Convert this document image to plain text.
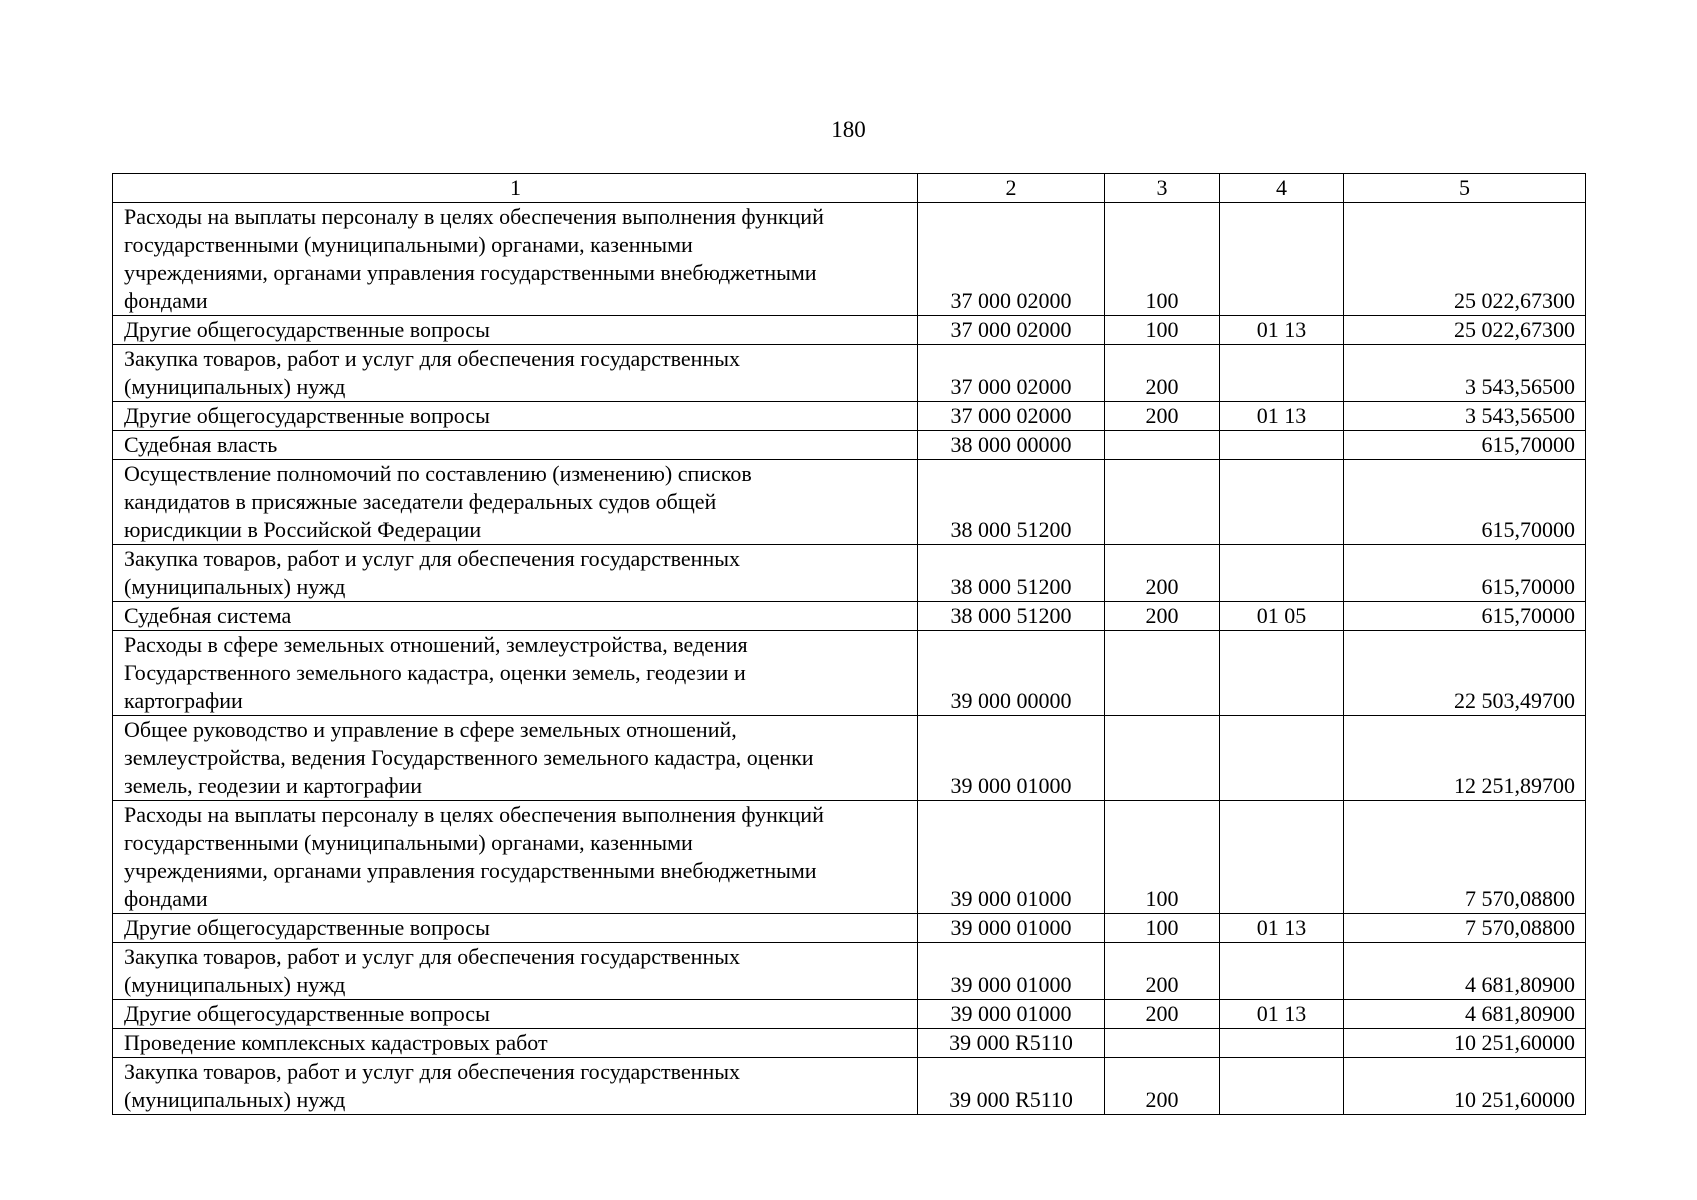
180
1	2	3	4	5

Расходы на выплаты персоналу в целях обеспечения выполнения функций
государственными (муниципальными) органами, казенными
учреждениями, органами управления государственными внебюджетными
фондами	37 000 02000	100		25 022,67300

Другие общегосударственные вопросы	37 000 02000	100	01 13	25 022,67300

Закупка товаров, работ и услуг для обеспечения государственных
(муниципальных) нужд	37 000 02000	200		3 543,56500

Другие общегосударственные вопросы	37 000 02000	200	01 13	3 543,56500

Судебная власть	38 000 00000			615,70000

Осуществление полномочий по составлению (изменению) списков
кандидатов в присяжные заседатели федеральных судов общей
юрисдикции в Российской Федерации	38 000 51200			615,70000

Закупка товаров, работ и услуг для обеспечения государственных
(муниципальных) нужд	38 000 51200	200		615,70000

Судебная система	38 000 51200	200	01 05	615,70000

Расходы в сфере земельных отношений, землеустройства, ведения
Государственного земельного кадастра, оценки земель, геодезии и
картографии	39 000 00000			22 503,49700

Общее руководство и управление в сфере земельных отношений,
землеустройства, ведения Государственного земельного кадастра, оценки
земель, геодезии и картографии	39 000 01000			12 251,89700

Расходы на выплаты персоналу в целях обеспечения выполнения функций
государственными (муниципальными) органами, казенными
учреждениями, органами управления государственными внебюджетными
фондами	39 000 01000	100		7 570,08800

Другие общегосударственные вопросы	39 000 01000	100	01 13	7 570,08800

Закупка товаров, работ и услуг для обеспечения государственных
(муниципальных) нужд	39 000 01000	200		4 681,80900

Другие общегосударственные вопросы	39 000 01000	200	01 13	4 681,80900

Проведение комплексных кадастровых работ	39 000 R5110			10 251,60000

Закупка товаров, работ и услуг для обеспечения государственных
(муниципальных) нужд	39 000 R5110	200		10 251,60000
